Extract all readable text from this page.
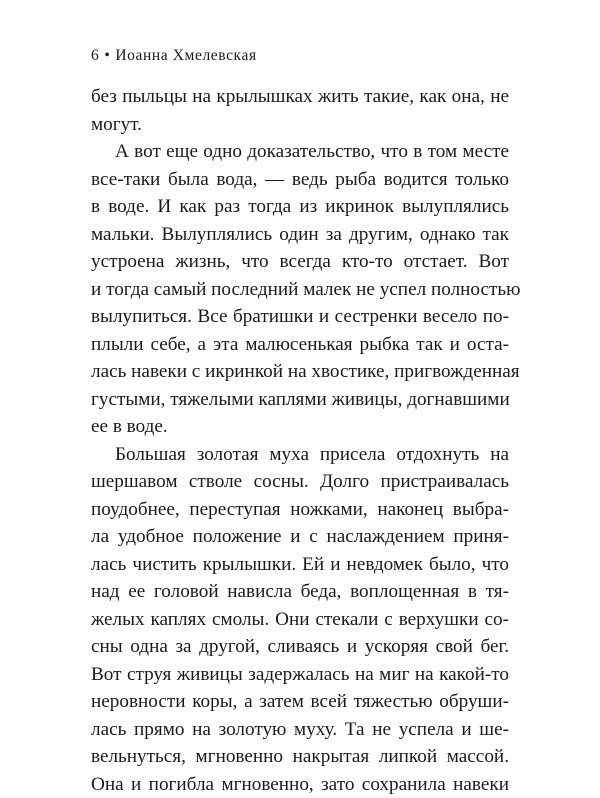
6 • Иоанна Хмелевская
без пыльцы на крылышках жить такие, как она, не
могут.
А вот еще одно доказательство, что в том месте
все-таки была вода, — ведь рыба водится только
в воде. И как раз тогда из икринок вылуплялись
мальки. Вылуплялись один за другим, однако так
устроена жизнь, что всегда кто-то отстает. Вот
и тогда самый последний малек не успел полностью
вылупиться. Все братишки и сестренки весело по-
плыли себе, а эта малюсенькая рыбка так и оста-
лась навеки с икринкой на хвостике, пригвожденная
густыми, тяжелыми каплями живицы, догнавшими
ее в воде.
Большая золотая муха присела отдохнуть на
шершавом стволе сосны. Долго пристраивалась
поудобнее, переступая ножками, наконец выбра-
ла удобное положение и с наслаждением приня-
лась чистить крылышки. Ей и невдомек было, что
над ее головой нависла беда, воплощенная в тя-
желых каплях смолы. Они стекали с верхушки со-
сны одна за другой, сливаясь и ускоряя свой бег.
Вот струя живицы задержалась на миг на какой-то
неровности коры, а затем всей тяжестью обруши-
лась прямо на золотую муху. Та не успела и ше-
вельнуться, мгновенно накрытая липкой массой.
Она и погибла мгновенно, зато сохранила навеки
